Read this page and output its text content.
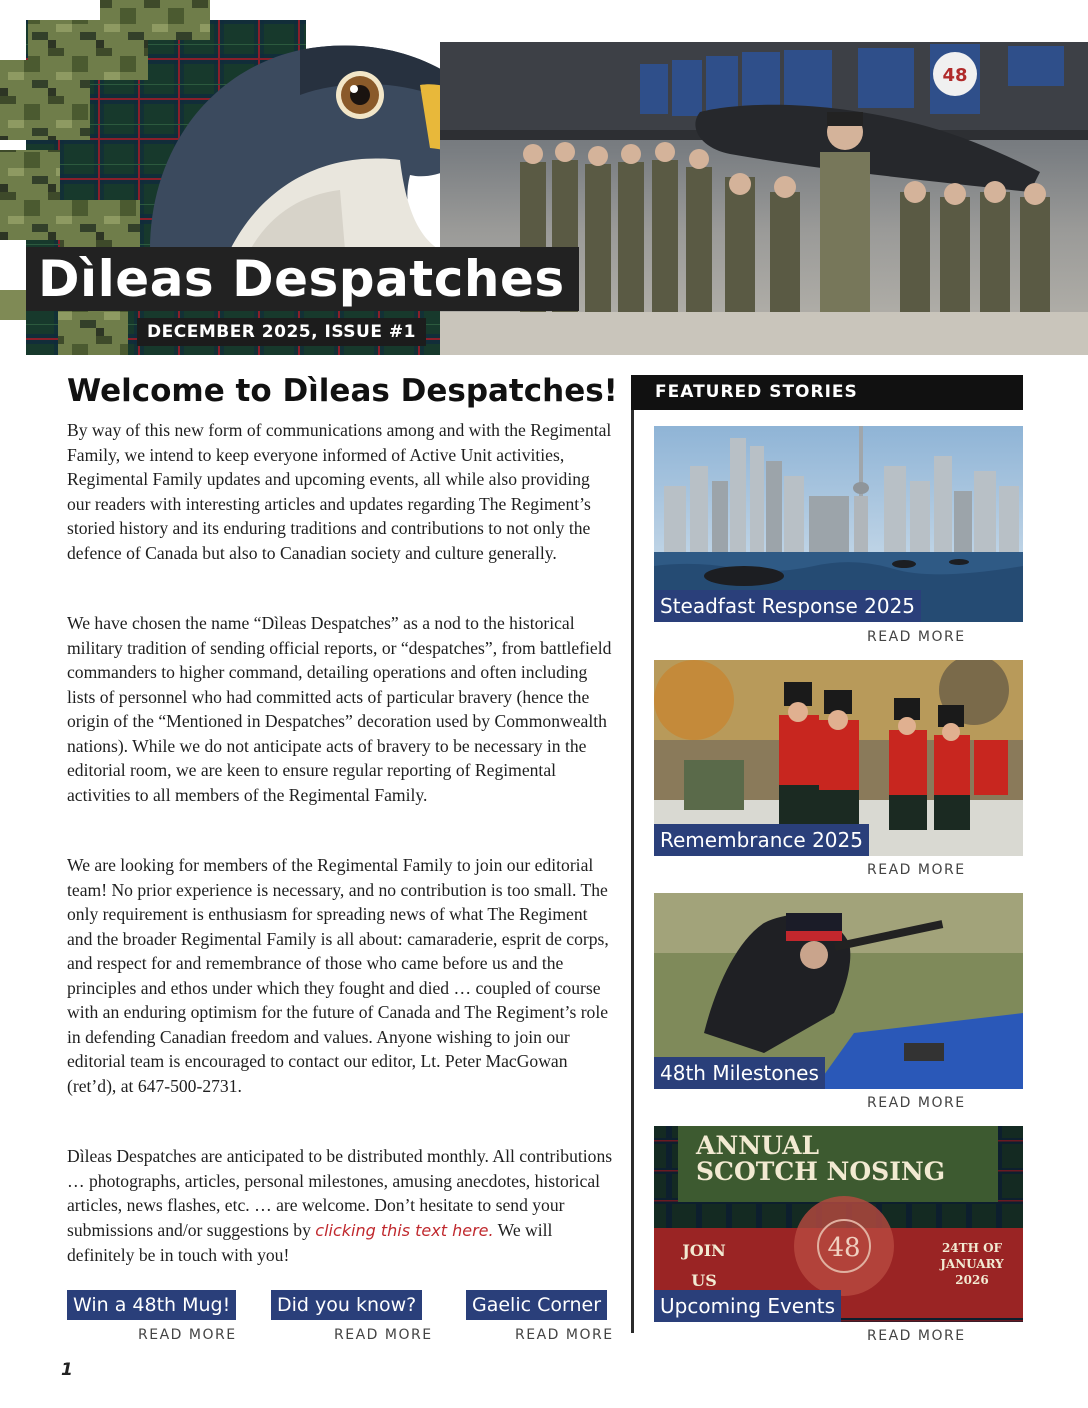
48
Dìleas Despatches
DECEMBER 2025, ISSUE #1
Welcome to Dìleas Despatches!

By way of this new form of communications among and with the Regimental Family, we intend to keep everyone informed of Active Unit activities, Regimental Family updates and upcoming events, all while also providing our readers with interesting articles and updates regarding The Regiment’s storied history and its enduring traditions and contributions to not only the defence of Canada but also to Canadian society and culture generally.

We have chosen the name “Dìleas Despatches” as a nod to the historical military tradition of sending official reports, or “despatches”, from battlefield commanders to higher command, detailing operations and often including lists of personnel who had committed acts of particular bravery (hence the origin of the “Mentioned in Despatches” decoration used by Commonwealth nations). While we do not anticipate acts of bravery to be necessary in the editorial room, we are keen to ensure regular reporting of Regimental activities to all members of the Regimental Family.

We are looking for members of the Regimental Family to join our editorial team! No prior experience is necessary, and no contribution is too small. The only requirement is enthusiasm for spreading news of what The Regiment and the broader Regimental Family is all about: camaraderie, esprit de corps, and respect for and remembrance of those who came before us and the principles and ethos under which they fought and died … coupled of course with an enduring optimism for the future of Canada and The Regiment’s role in defending Canadian freedom and values. Anyone wishing to join our editorial team is encouraged to contact our editor, Lt. Peter MacGowan (ret’d), at 647-500-2731.

Dìleas Despatches are anticipated to be distributed monthly. All contributions … photographs, articles, personal milestones, amusing anecdotes, historical articles, news flashes, etc. … are welcome. Don’t hesitate to send your submissions and/or suggestions by clicking this text here. We will definitely be in touch with you!

Win a 48th Mug!
READ MORE
Did you know?
READ MORE
Gaelic Corner
READ MORE
1
FEATURED STORIES
Steadfast Response 2025
READ MORE
Remembrance 2025
READ MORE
48th Milestones
READ MORE
ANNUAL
SCOTCH NOSING
48
JOIN
US
24TH OF
JANUARY
2026
Upcoming Events
READ MORE
